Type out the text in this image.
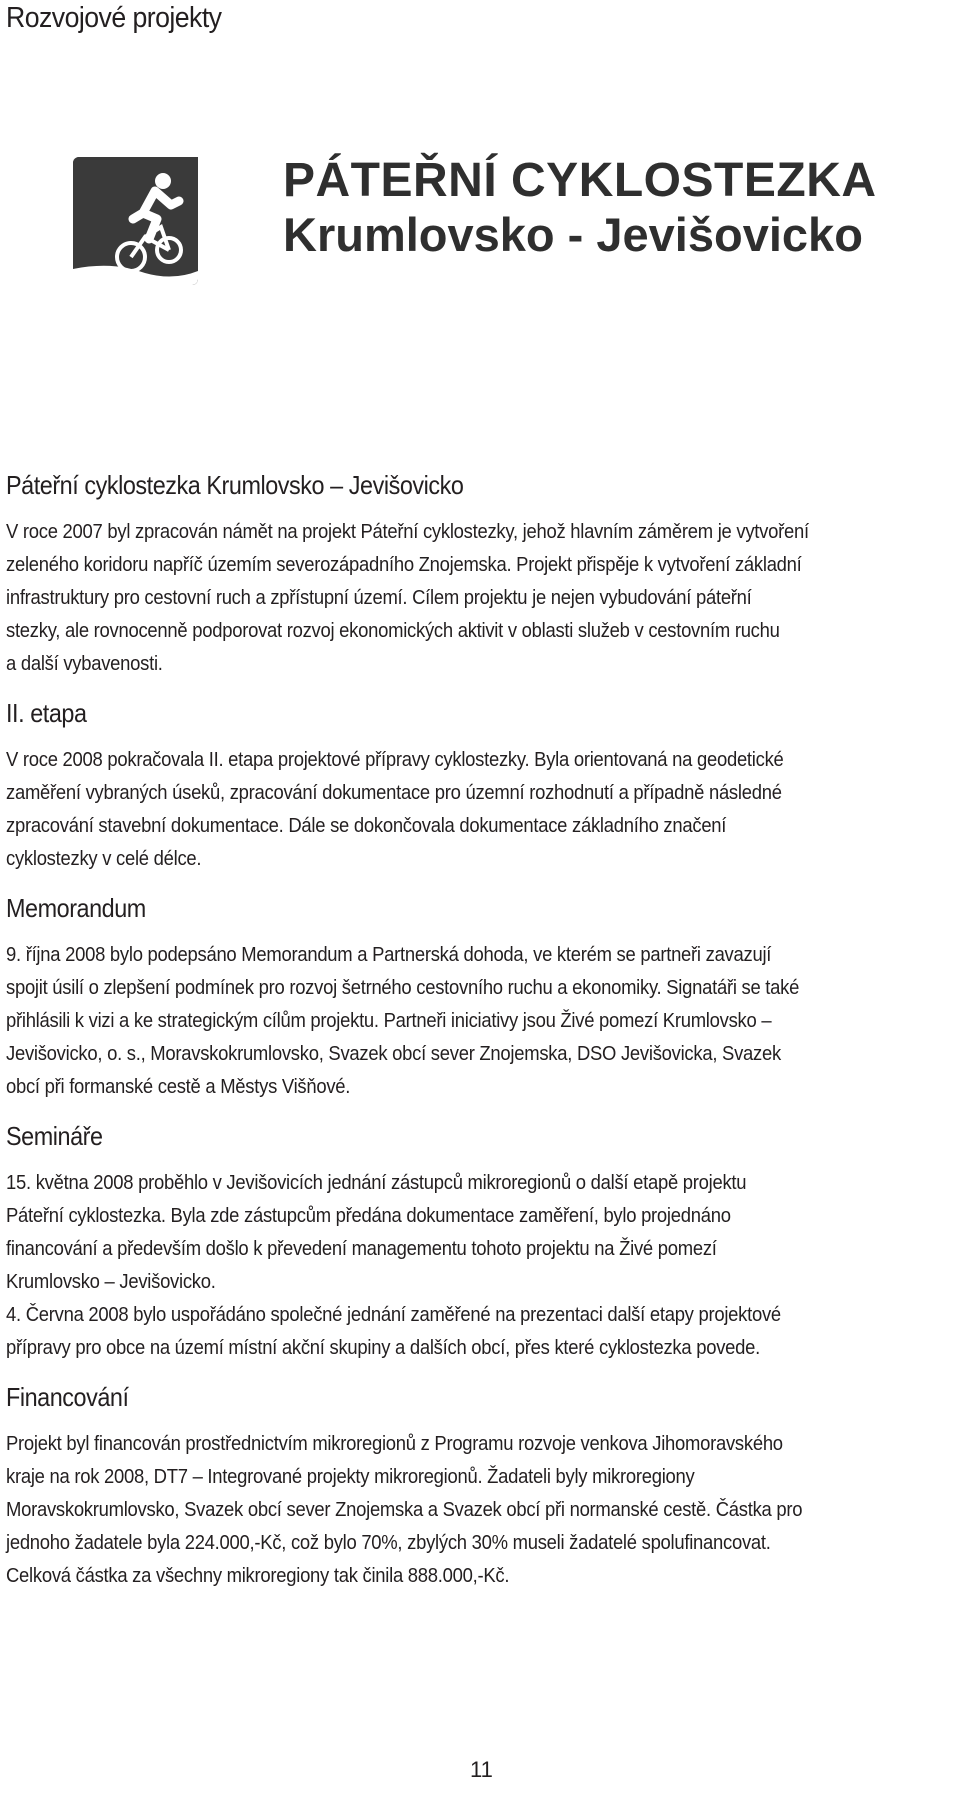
Rozvojové projekty
PÁTEŘNÍ CYKLOSTEZKA
Krumlovsko - Jevišovicko
Páteřní cyklostezka Krumlovsko – Jevišovicko
V roce 2007 byl zpracován námět na projekt Páteřní cyklostezky, jehož hlavním záměrem je vytvoření
zeleného koridoru napříč územím severozápadního Znojemska. Projekt přispěje k vytvoření základní
infrastruktury pro cestovní ruch a zpřístupní území. Cílem projektu je nejen vybudování páteřní
stezky, ale rovnocenně podporovat rozvoj ekonomických aktivit v oblasti služeb v cestovním ruchu
a další vybavenosti.
II. etapa
V roce 2008 pokračovala II. etapa projektové přípravy cyklostezky. Byla orientovaná na geodetické
zaměření vybraných úseků, zpracování dokumentace pro územní rozhodnutí a případně následné
zpracování stavební dokumentace. Dále se dokončovala dokumentace základního značení
cyklostezky v celé délce.
Memorandum
9. října 2008 bylo podepsáno Memorandum a Partnerská dohoda, ve kterém se partneři zavazují
spojit úsilí o zlepšení podmínek pro rozvoj šetrného cestovního ruchu a ekonomiky. Signatáři se také
přihlásili k vizi a ke strategickým cílům projektu. Partneři iniciativy jsou Živé pomezí Krumlovsko –
Jevišovicko, o. s., Moravskokrumlovsko, Svazek obcí sever Znojemska, DSO Jevišovicka, Svazek
obcí při formanské cestě a Městys Višňové.
Semináře
15. května 2008 proběhlo v Jevišovicích jednání zástupců mikroregionů o další etapě projektu
Páteřní cyklostezka. Byla zde zástupcům předána dokumentace zaměření, bylo projednáno
financování a především došlo k převedení managementu tohoto projektu na Živé pomezí
Krumlovsko – Jevišovicko.
4. Června 2008 bylo uspořádáno společné jednání zaměřené na prezentaci další etapy projektové
přípravy pro obce na území místní akční skupiny a dalších obcí, přes které cyklostezka povede.
Financování
Projekt byl financován prostřednictvím mikroregionů z Programu rozvoje venkova Jihomoravského
kraje na rok 2008, DT7 – Integrované projekty mikroregionů. Žadateli byly mikroregiony
Moravskokrumlovsko, Svazek obcí sever Znojemska a Svazek obcí při normanské cestě. Částka pro
jednoho žadatele byla 224.000,-Kč, což bylo 70%, zbylých 30% museli žadatelé spolufinancovat.
Celková částka za všechny mikroregiony tak činila 888.000,-Kč.
11
